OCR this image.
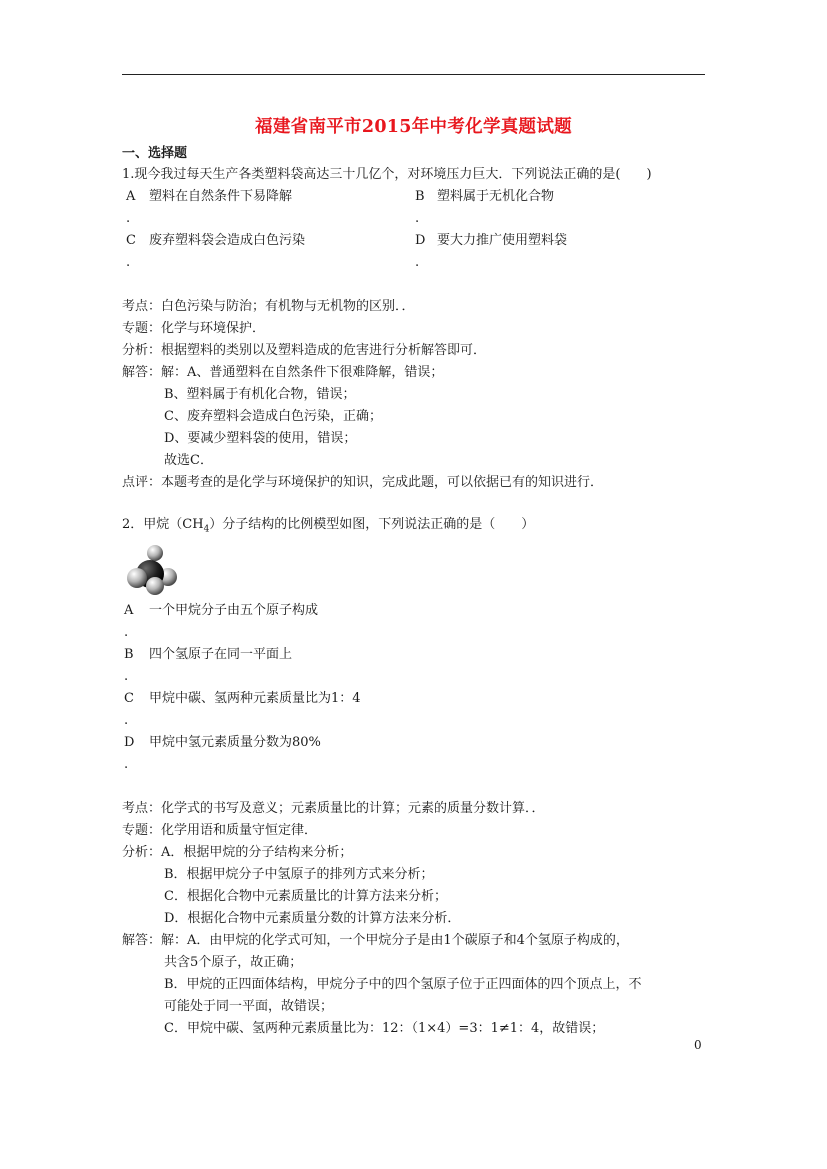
福建省南平市2015年中考化学真题试题
一、选择题
1.现今我过每天生产各类塑料袋高达三十几亿个，对环境压力巨大．下列说法正确的是(　　)
A 塑料在自然条件下易降解
.
B 塑料属于无机化合物
.
C 废弃塑料袋会造成白色污染
.
D 要大力推广使用塑料袋
.
考点：白色污染与防治；有机物与无机物的区别．．
专题：化学与环境保护．
分析：根据塑料的类别以及塑料造成的危害进行分析解答即可．
解答：解：A、普通塑料在自然条件下很难降解，错误；
B、塑料属于有机化合物，错误；
C、废弃塑料会造成白色污染，正确；
D、要减少塑料袋的使用，错误；
故选C．
点评：本题考查的是化学与环境保护的知识，完成此题，可以依据已有的知识进行．
2．甲烷$(CH_4)$分子结构的比例模型如图，下列说法正确的是（　　）
A 一个甲烷分子由五个原子构成
.
B 四个氢原子在同一平面上
.
C 甲烷中碳、氢两种元素质量比为1：4
.
D 甲烷中氢元素质量分数为80%
.
考点：化学式的书写及意义；元素质量比的计算；元素的质量分数计算．．
专题：化学用语和质量守恒定律．
分析：A．根据甲烷的分子结构来分析；
B．根据甲烷分子中氢原子的排列方式来分析；
C．根据化合物中元素质量比的计算方法来分析；
D．根据化合物中元素质量分数的计算方法来分析．
解答：解：A．由甲烷的化学式可知，一个甲烷分子是由1个碳原子和4个氢原子构成的，
共含5个原子，故正确；
B．甲烷的正四面体结构，甲烷分子中的四个氢原子位于正四面体的四个顶点上，不
可能处于同一平面，故错误；
C．甲烷中碳、氢两种元素质量比为：12：（1×4）=3：1≠1：4，故错误；
0
